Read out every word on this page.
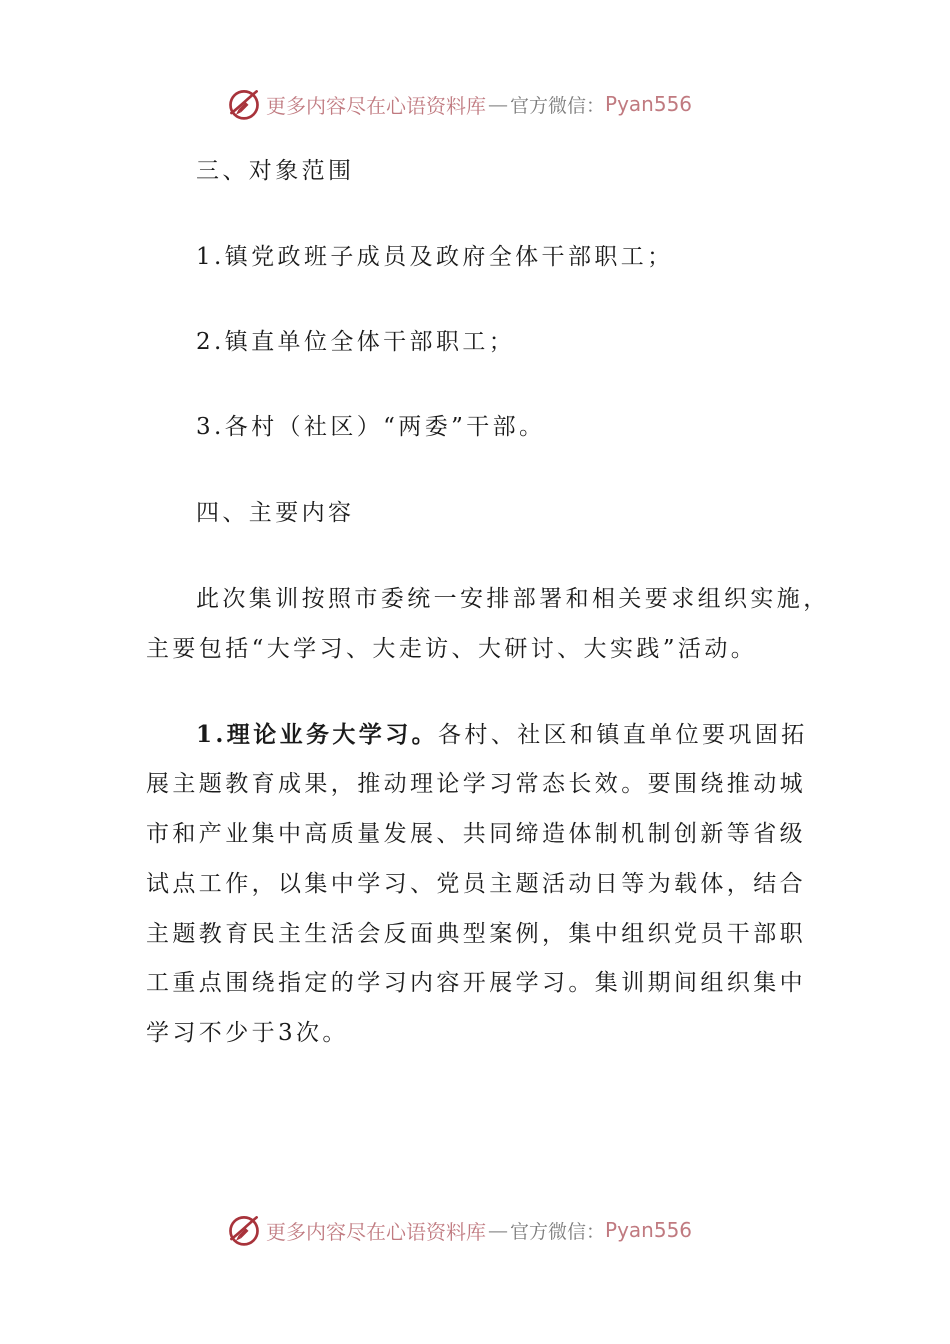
更多内容尽在心语资料库 — 官方微信： Pyan556
三、对象范围
1.镇党政班子成员及政府全体干部职工；
2.镇直单位全体干部职工；
3.各村（社区）“两委”干部。
四、主要内容
此次集训按照市委统一安排部署和相关要求组织实施，
主要包括“大学习、大走访、大研讨、大实践”活动。
1.理论业务大学习。各村、社区和镇直单位要巩固拓
展主题教育成果，推动理论学习常态长效。要围绕推动城
市和产业集中高质量发展、共同缔造体制机制创新等省级
试点工作，以集中学习、党员主题活动日等为载体，结合
主题教育民主生活会反面典型案例，集中组织党员干部职
工重点围绕指定的学习内容开展学习。集训期间组织集中
学习不少于3次。
更多内容尽在心语资料库 — 官方微信： Pyan556
